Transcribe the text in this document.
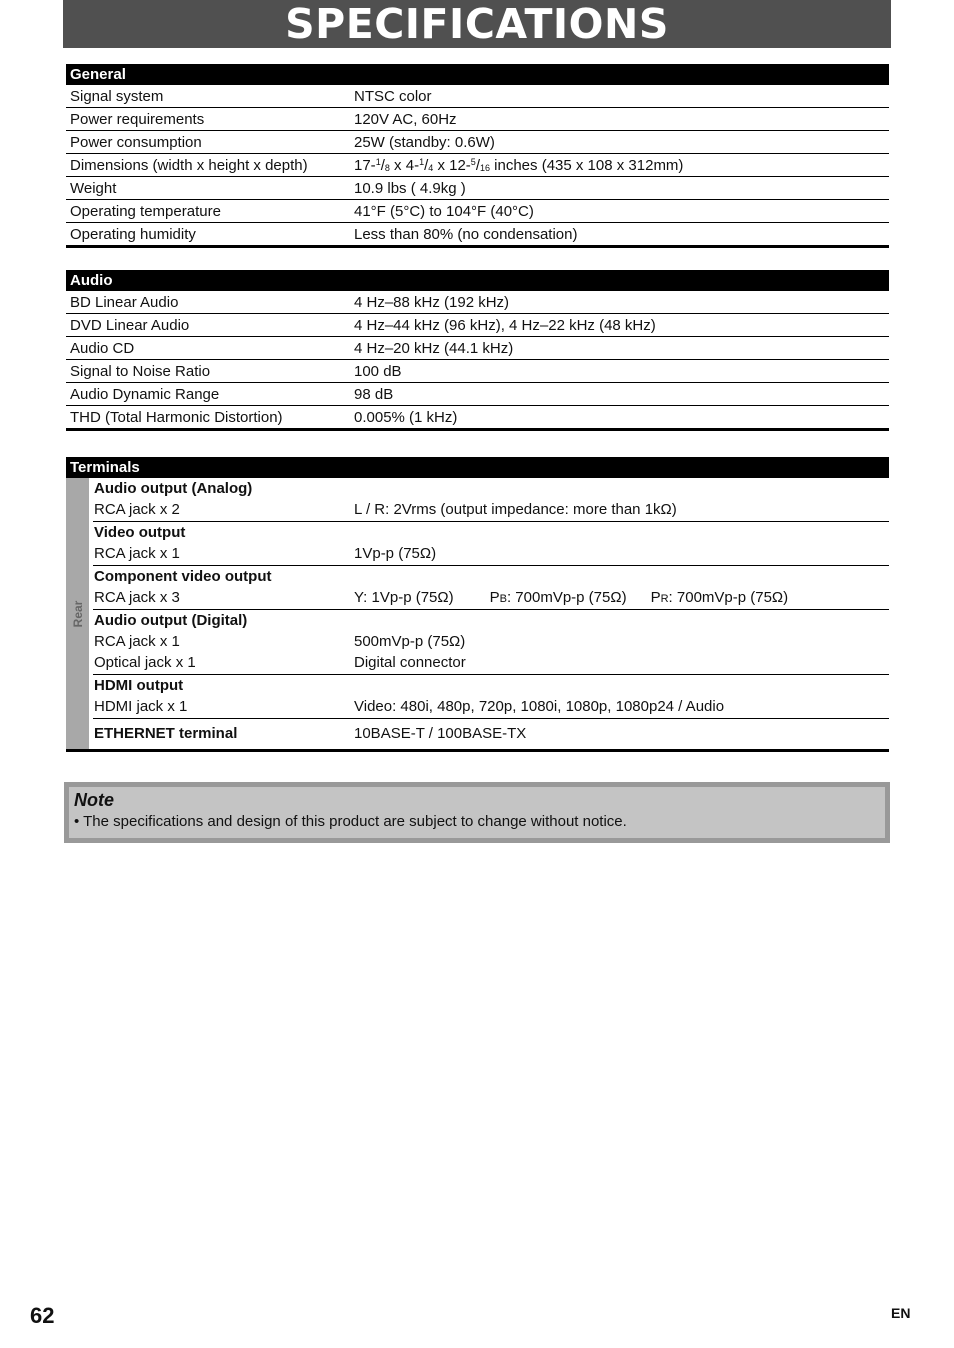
SPECIFICATIONS
General	
Signal system	NTSC color
Power requirements	120V AC, 60Hz
Power consumption	25W (standby: 0.6W)
Dimensions (width x height x depth)	$17-^1/_8$ x $4-^1/_4$ x $12-^5/_{16}$ inches (435 x 108 x 312mm)
Weight	10.9 lbs ( 4.9kg )
Operating temperature	41°F (5°C) to 104°F (40°C)
Operating humidity	Less than 80% (no condensation)
Audio	
BD Linear Audio	4 Hz–88 kHz (192 kHz)
DVD Linear Audio	4 Hz–44 kHz (96 kHz), 4 Hz–22 kHz (48 kHz)
Audio CD	4 Hz–20 kHz (44.1 kHz)
Signal to Noise Ratio	100 dB
Audio Dynamic Range	98 dB
THD (Total Harmonic Distortion)	0.005% (1 kHz)
Terminals
Rear
Audio output (Analog)
RCA jack x 2	L / R: 2Vrms (output impedance: more than 1kΩ)
Video output
RCA jack x 1	1Vp-p (75Ω)
Component video output
RCA jack x 3	Y: 1Vp-p (75Ω) PB: 700mVp-p (75Ω) PR: 700mVp-p (75Ω)
Audio output (Digital)
RCA jack x 1	500mVp-p (75Ω)
Optical jack x 1	Digital connector
HDMI output
HDMI jack x 1	Video: 480i, 480p, 720p, 1080i, 1080p, 1080p24 / Audio
ETHERNET terminal	10BASE-T / 100BASE-TX
Note
• The specifications and design of this product are subject to change without notice.
62	EN
